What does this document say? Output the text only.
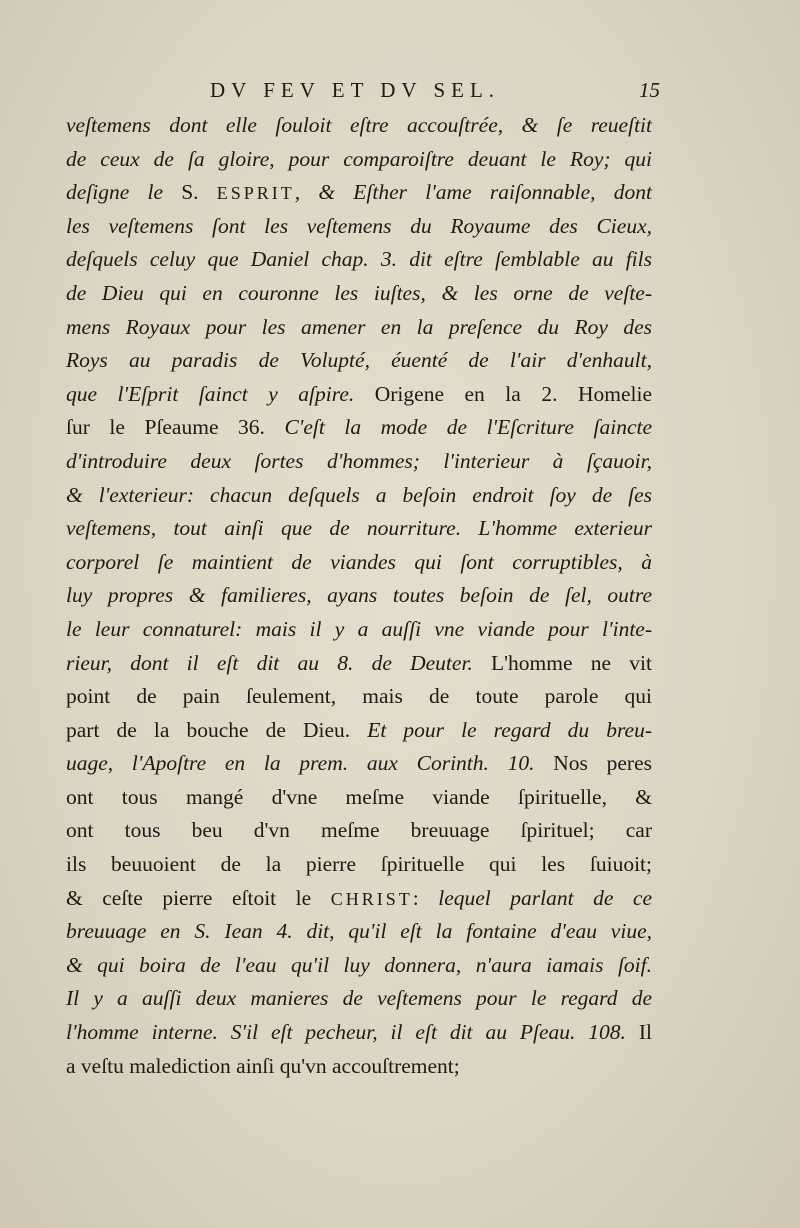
DV FEV ET DV SEL.	15
veſtemens dont elle ſouloit eſtre accouſtrée, & ſe reueſtit
de ceux de ſa gloire, pour comparoiſtre deuant le Roy; qui
deſigne le S. ESPRIT, & Eſther l'ame raiſonnable, dont
les veſtemens ſont les veſtemens du Royaume des Cieux,
deſquels celuy que Daniel chap. 3. dit eſtre ſemblable au fils
de Dieu qui en couronne les iuſtes, & les orne de veſte-
mens Royaux pour les amener en la preſence du Roy des
Roys au paradis de Volupté, éuenté de l'air d'enhault,
que l'Eſprit ſainct y aſpire. Origene en la 2. Homelie
ſur le Pſeaume 36. C'eſt la mode de l'Eſcriture ſaincte
d'introduire deux ſortes d'hommes; l'interieur à ſçauoir,
& l'exterieur: chacun deſquels a beſoin endroit ſoy de ſes
veſtemens, tout ainſi que de nourriture. L'homme exterieur
corporel ſe maintient de viandes qui ſont corruptibles, à
luy propres & familieres, ayans toutes beſoin de ſel, outre
le leur connaturel: mais il y a auſſi vne viande pour l'inte-
rieur, dont il eſt dit au 8. de Deuter. L'homme ne vit
point de pain ſeulement, mais de toute parole qui
part de la bouche de Dieu. Et pour le regard du breu-
uage, l'Apoſtre en la prem. aux Corinth. 10. Nos peres
ont tous mangé d'vne meſme viande ſpirituelle, &
ont tous beu d'vn meſme breuuage ſpirituel; car
ils beuuoient de la pierre ſpirituelle qui les ſuiuoit;
& ceſte pierre eſtoit le CHRIST: lequel parlant de ce
breuuage en S. Iean 4. dit, qu'il eſt la fontaine d'eau viue,
& qui boira de l'eau qu'il luy donnera, n'aura iamais ſoif.
Il y a auſſi deux manieres de veſtemens pour le regard de
l'homme interne. S'il eſt pecheur, il eſt dit au Pſeau. 108. Il
a veſtu malediction ainſi qu'vn accouſtrement;
